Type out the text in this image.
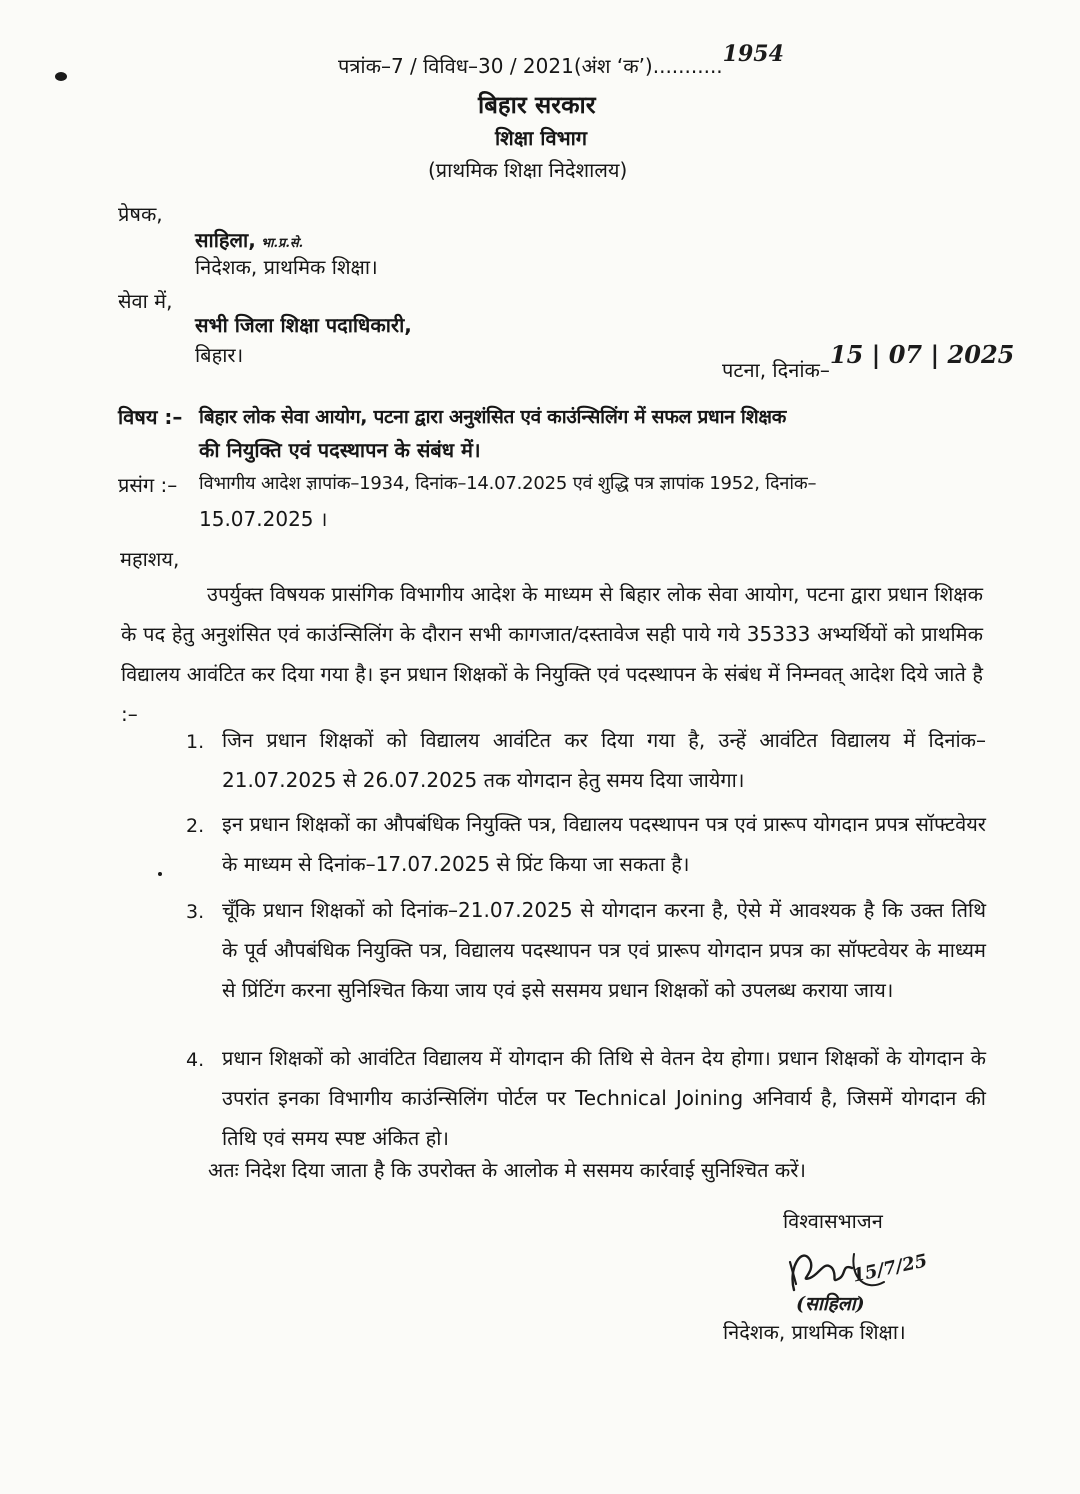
पत्रांक–7 / विविध–30 / 2021(अंश ‘क’)...........1954
बिहार सरकार
शिक्षा विभाग
(प्राथमिक शिक्षा निदेशालय)
प्रेषक,
साहिला, भा.प्र.से.
निदेशक, प्राथमिक शिक्षा।
सेवा में,
सभी जिला शिक्षा पदाधिकारी,
बिहार।
पटना, दिनांक–15 | 07 | 2025
विषय :– बिहार लोक सेवा आयोग, पटना द्वारा अनुशंसित एवं काउंन्सिलिंग में सफल प्रधान शिक्षक
की नियुक्ति एवं पदस्थापन के संबंध में।
प्रसंग :– विभागीय आदेश ज्ञापांक–1934, दिनांक–14.07.2025 एवं शुद्धि पत्र ज्ञापांक 1952, दिनांक–
15.07.2025 ।
महाशय,
उपर्युक्त विषयक प्रासंगिक विभागीय आदेश के माध्यम से बिहार लोक सेवा आयोग, पटना द्वारा प्रधान शिक्षक के पद हेतु अनुशंसित एवं काउंन्सिलिंग के दौरान सभी कागजात/दस्तावेज सही पाये गये 35333 अभ्यर्थियों को प्राथमिक विद्यालय आवंटित कर दिया गया है। इन प्रधान शिक्षकों के नियुक्ति एवं पदस्थापन के संबंध में निम्नवत् आदेश दिये जाते है :–
1. जिन प्रधान शिक्षकों को विद्यालय आवंटित कर दिया गया है, उन्हें आवंटित विद्यालय में दिनांक–21.07.2025 से 26.07.2025 तक योगदान हेतु समय दिया जायेगा।
2. इन प्रधान शिक्षकों का औपबंधिक नियुक्ति पत्र, विद्यालय पदस्थापन पत्र एवं प्रारूप योगदान प्रपत्र सॉफ्टवेयर के माध्यम से दिनांक–17.07.2025 से प्रिंट किया जा सकता है।
3. चूँकि प्रधान शिक्षकों को दिनांक–21.07.2025 से योगदान करना है, ऐसे में आवश्यक है कि उक्त तिथि के पूर्व औपबंधिक नियुक्ति पत्र, विद्यालय पदस्थापन पत्र एवं प्रारूप योगदान प्रपत्र का सॉफ्टवेयर के माध्यम से प्रिंटिंग करना सुनिश्चित किया जाय एवं इसे ससमय प्रधान शिक्षकों को उपलब्ध कराया जाय।
4. प्रधान शिक्षकों को आवंटित विद्यालय में योगदान की तिथि से वेतन देय होगा। प्रधान शिक्षकों के योगदान के उपरांत इनका विभागीय काउंन्सिलिंग पोर्टल पर Technical Joining अनिवार्य है, जिसमें योगदान की तिथि एवं समय स्पष्ट अंकित हो।
अतः निदेश दिया जाता है कि उपरोक्त के आलोक मे ससमय कार्रवाई सुनिश्चित करें।
विश्वासभाजन
15/7/25
(साहिला)
निदेशक, प्राथमिक शिक्षा।
